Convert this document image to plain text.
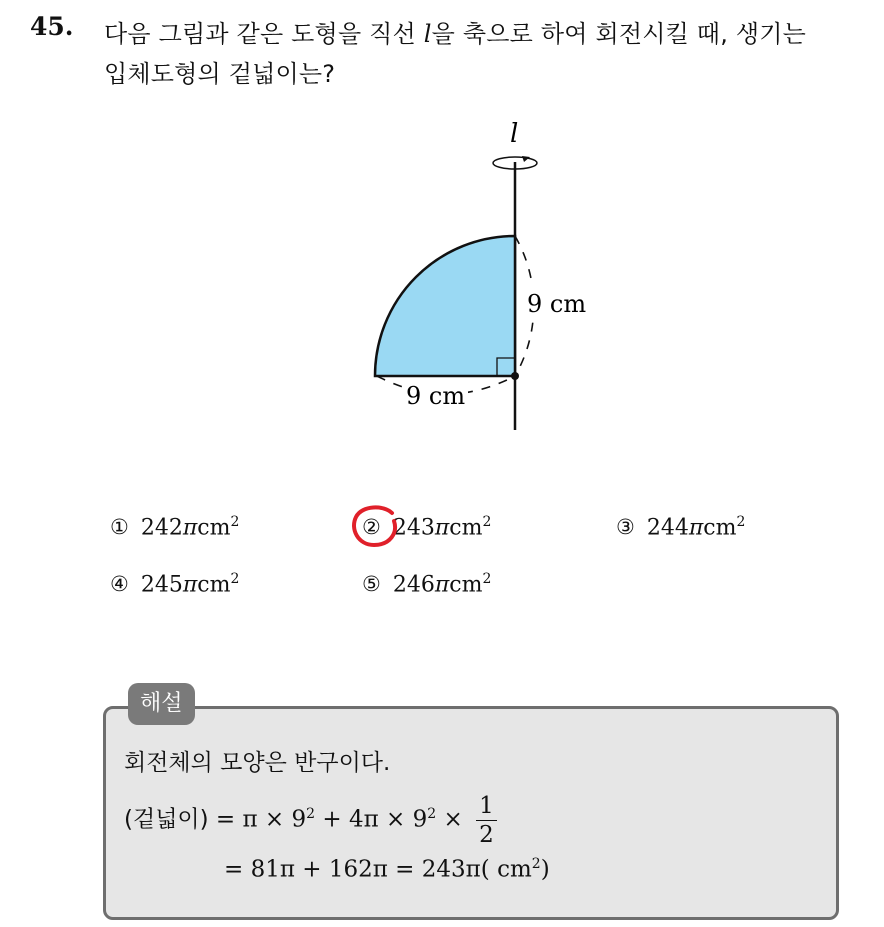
45. 다음 그림과 같은 도형을 직선 l을 축으로 하여 회전시킬 때, 생기는
입체도형의 겉넓이는?
l
9 cm
9 cm
① 242πcm$^2$	② 243πcm$^2$	③ 244πcm$^2$
④ 245πcm$^2$	⑤ 246πcm$^2$
해설
회전체의 모양은 반구이다.
(겉넓이) = $\pi \times 9^2 + 4\pi \times 9^2 \times \frac{1}{2}$
= 81π + 162π = 243π( $cm^2$)
